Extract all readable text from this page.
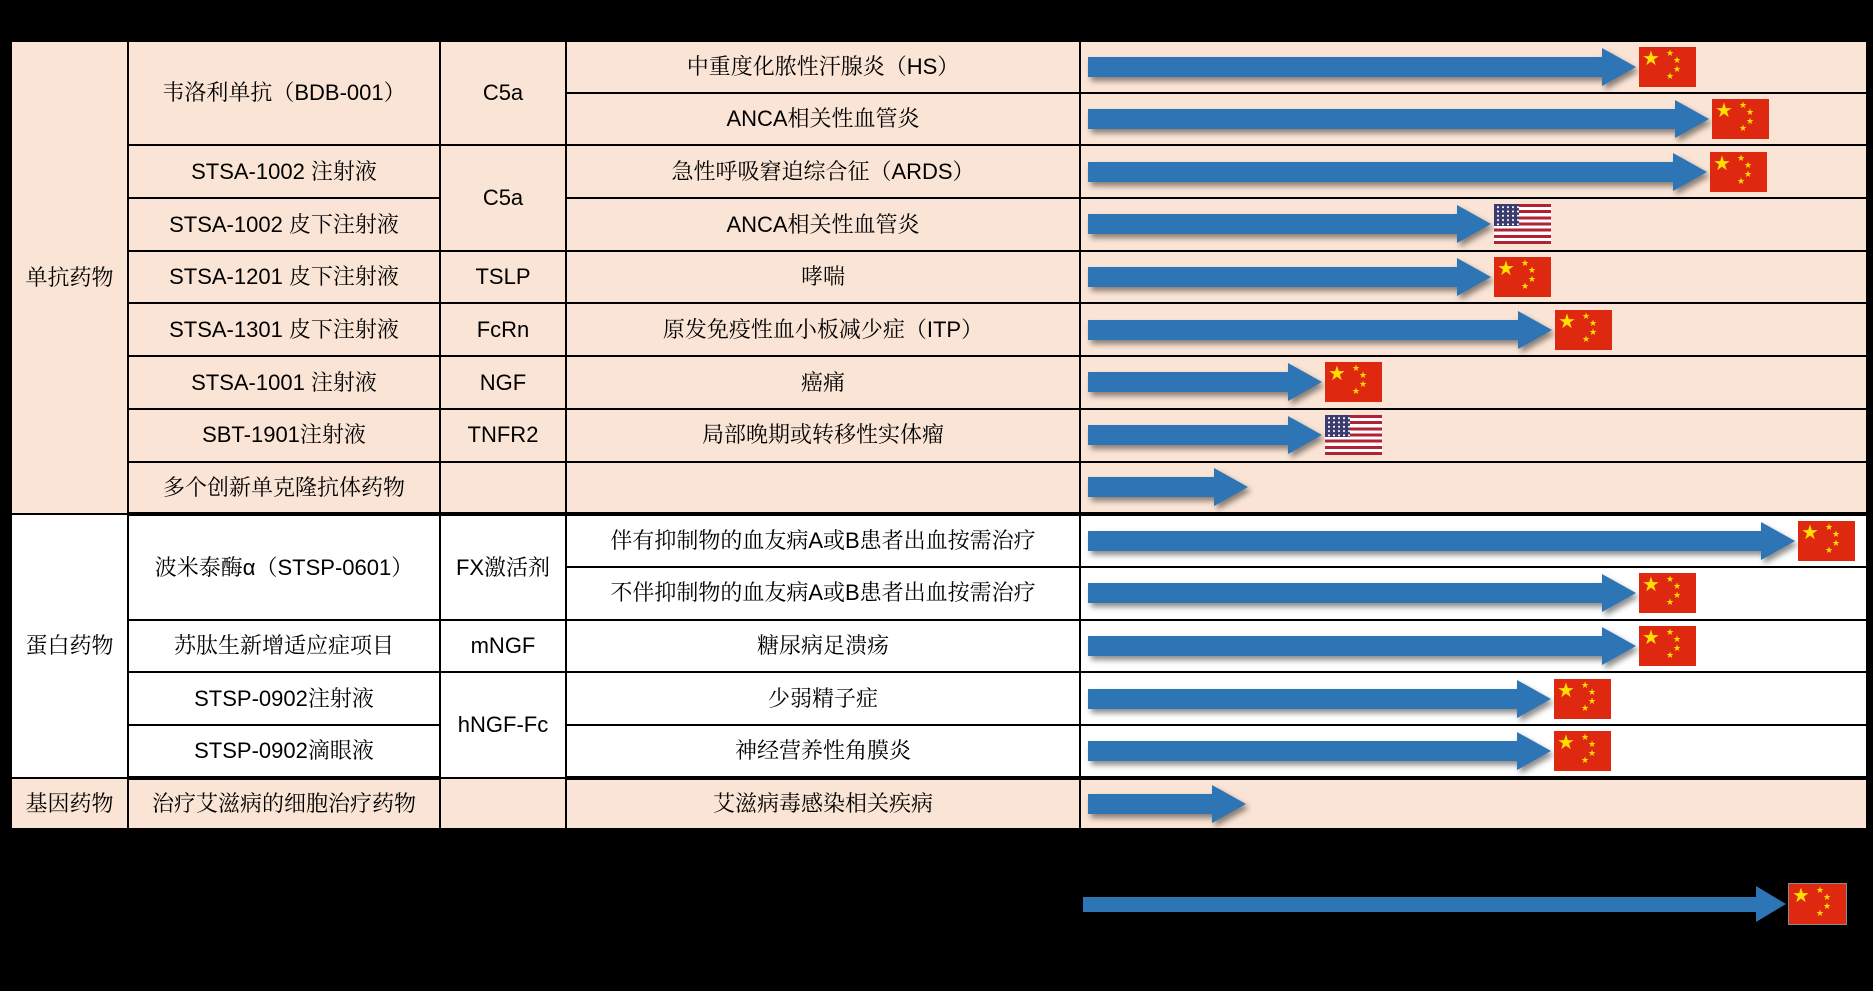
单抗药物	韦洛利单抗（BDB-001）	C5a	中重度化脓性汗腺炎（HS）	★ ★
★
★
★

			ANCA相关性血管炎	★ ★
★
★
★

	STSA-1002 注射液	C5a	急性呼吸窘迫综合征（ARDS）	★ ★
★
★
★

	STSA-1002 皮下注射液		ANCA相关性血管炎	

	STSA-1201 皮下注射液	TSLP	哮喘	★ ★
★
★
★

	STSA-1301 皮下注射液	FcRn	原发免疫性血小板减少症（ITP）	★ ★
★
★
★

	STSA-1001 注射液	NGF	癌痛	★ ★
★
★
★

	SBT-1901注射液	TNFR2	局部晚期或转移性实体瘤	

	多个创新单克隆抗体药物			

蛋白药物	波米泰酶α（STSP-0601）	FX激活剂	伴有抑制物的血友病A或B患者出血按需治疗	★ ★
★
★
★

			不伴抑制物的血友病A或B患者出血按需治疗	★ ★
★
★
★

	苏肽生新增适应症项目	mNGF	糖尿病足溃疡	★ ★
★
★
★

	STSP-0902注射液	hNGF-Fc	少弱精子症	★ ★
★
★
★

	STSP-0902滴眼液		神经营养性角膜炎	★ ★
★
★
★

基因药物	治疗艾滋病的细胞治疗药物		艾滋病毒感染相关疾病	
★ ★
★
★
★
